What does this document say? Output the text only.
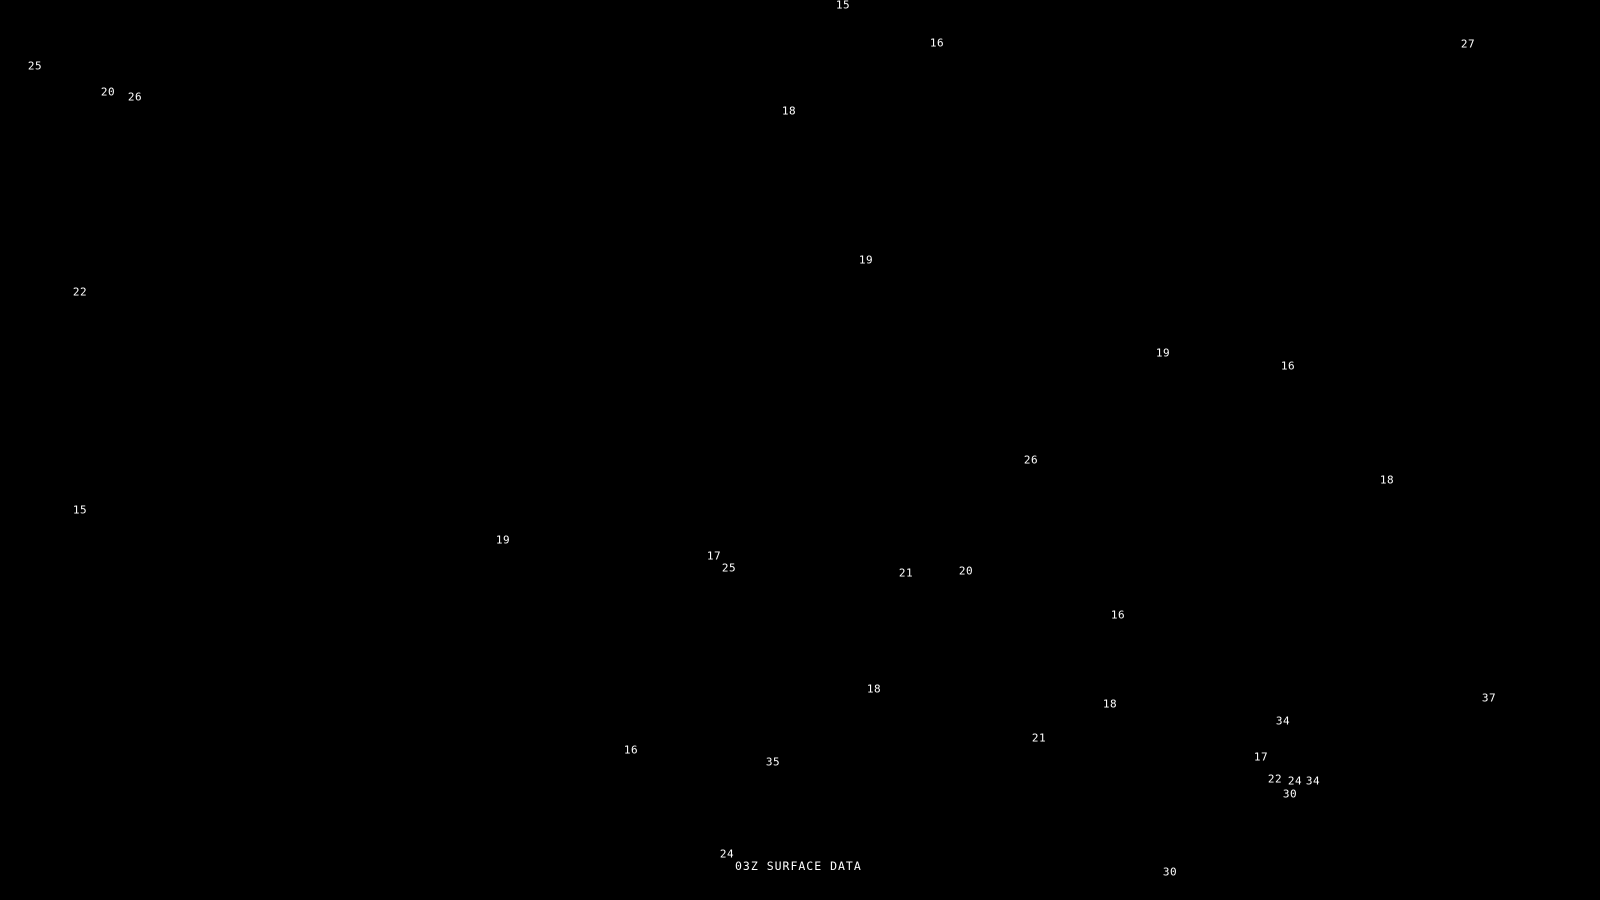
15
16	27
25
20 26
18
19
22
19
16
26
18
15
19
17
25	21	20
16
18
18	37
34
21
16
17
35
22 24 34
30
24
30
03Z SURFACE DATA
